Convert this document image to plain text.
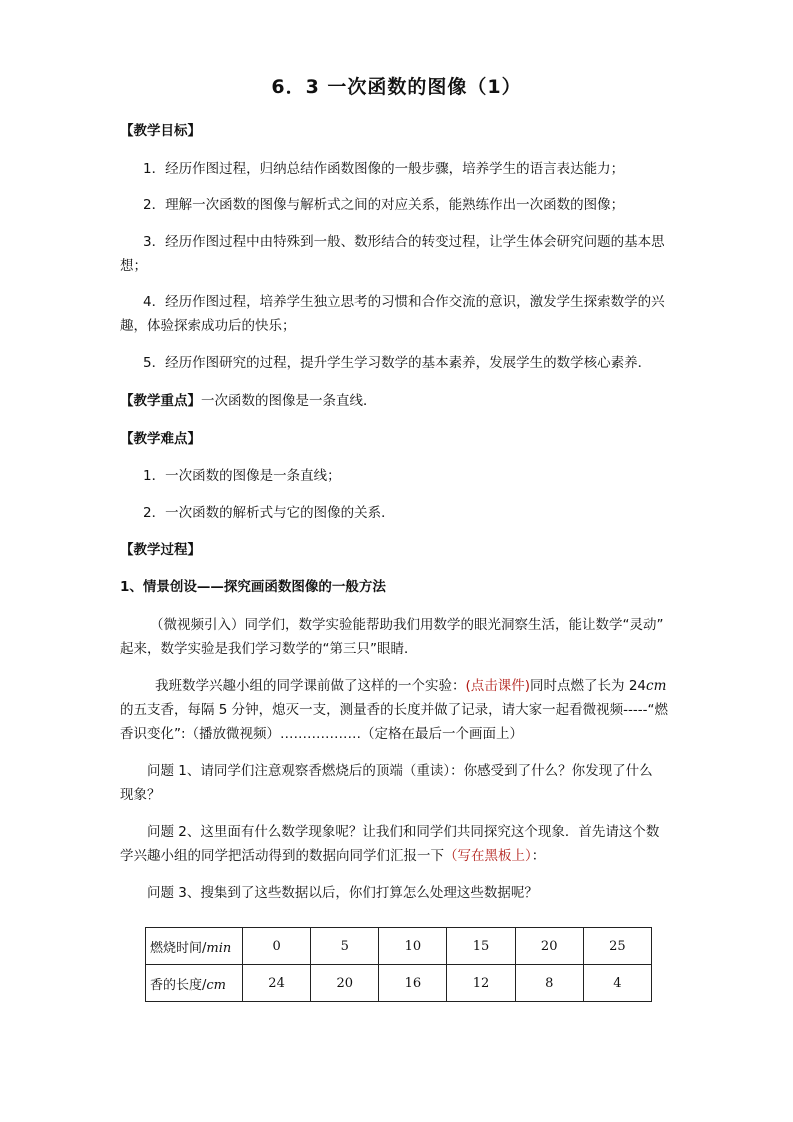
6．3 一次函数的图像（1）

【教学目标】

1．经历作图过程，归纳总结作函数图像的一般步骤，培养学生的语言表达能力；

2．理解一次函数的图像与解析式之间的对应关系，能熟练作出一次函数的图像；

3．经历作图过程中由特殊到一般、数形结合的转变过程，让学生体会研究问题的基本思

想；

4．经历作图过程，培养学生独立思考的习惯和合作交流的意识，激发学生探索数学的兴

趣，体验探索成功后的快乐；

5．经历作图研究的过程，提升学生学习数学的基本素养，发展学生的数学核心素养．

【教学重点】一次函数的图像是一条直线．

【教学难点】

1．一次函数的图像是一条直线；

2．一次函数的解析式与它的图像的关系．

【教学过程】

1、情景创设——探究画函数图像的一般方法

（微视频引入）同学们，数学实验能帮助我们用数学的眼光洞察生活，能让数学“灵动”

起来，数学实验是我们学习数学的“第三只”眼睛．

我班数学兴趣小组的同学课前做了这样的一个实验：(点击课件)同时点燃了长为 24cm

的五支香，每隔 5 分钟，熄灭一支，测量香的长度并做了记录，请大家一起看微视频-----“燃

香识变化”:（播放微视频）………………（定格在最后一个画面上）

问题 1、请同学们注意观察香燃烧后的顶端（重读）：你感受到了什么？你发现了什么

现象？

问题 2、这里面有什么数学现象呢？让我们和同学们共同探究这个现象．首先请这个数

学兴趣小组的同学把活动得到的数据向同学们汇报一下（写在黑板上）：

问题 3、搜集到了这些数据以后，你们打算怎么处理这些数据呢？

燃烧时间/min	0	5	10	15	20	25
香的长度/cm	24	20	16	12	8	4
